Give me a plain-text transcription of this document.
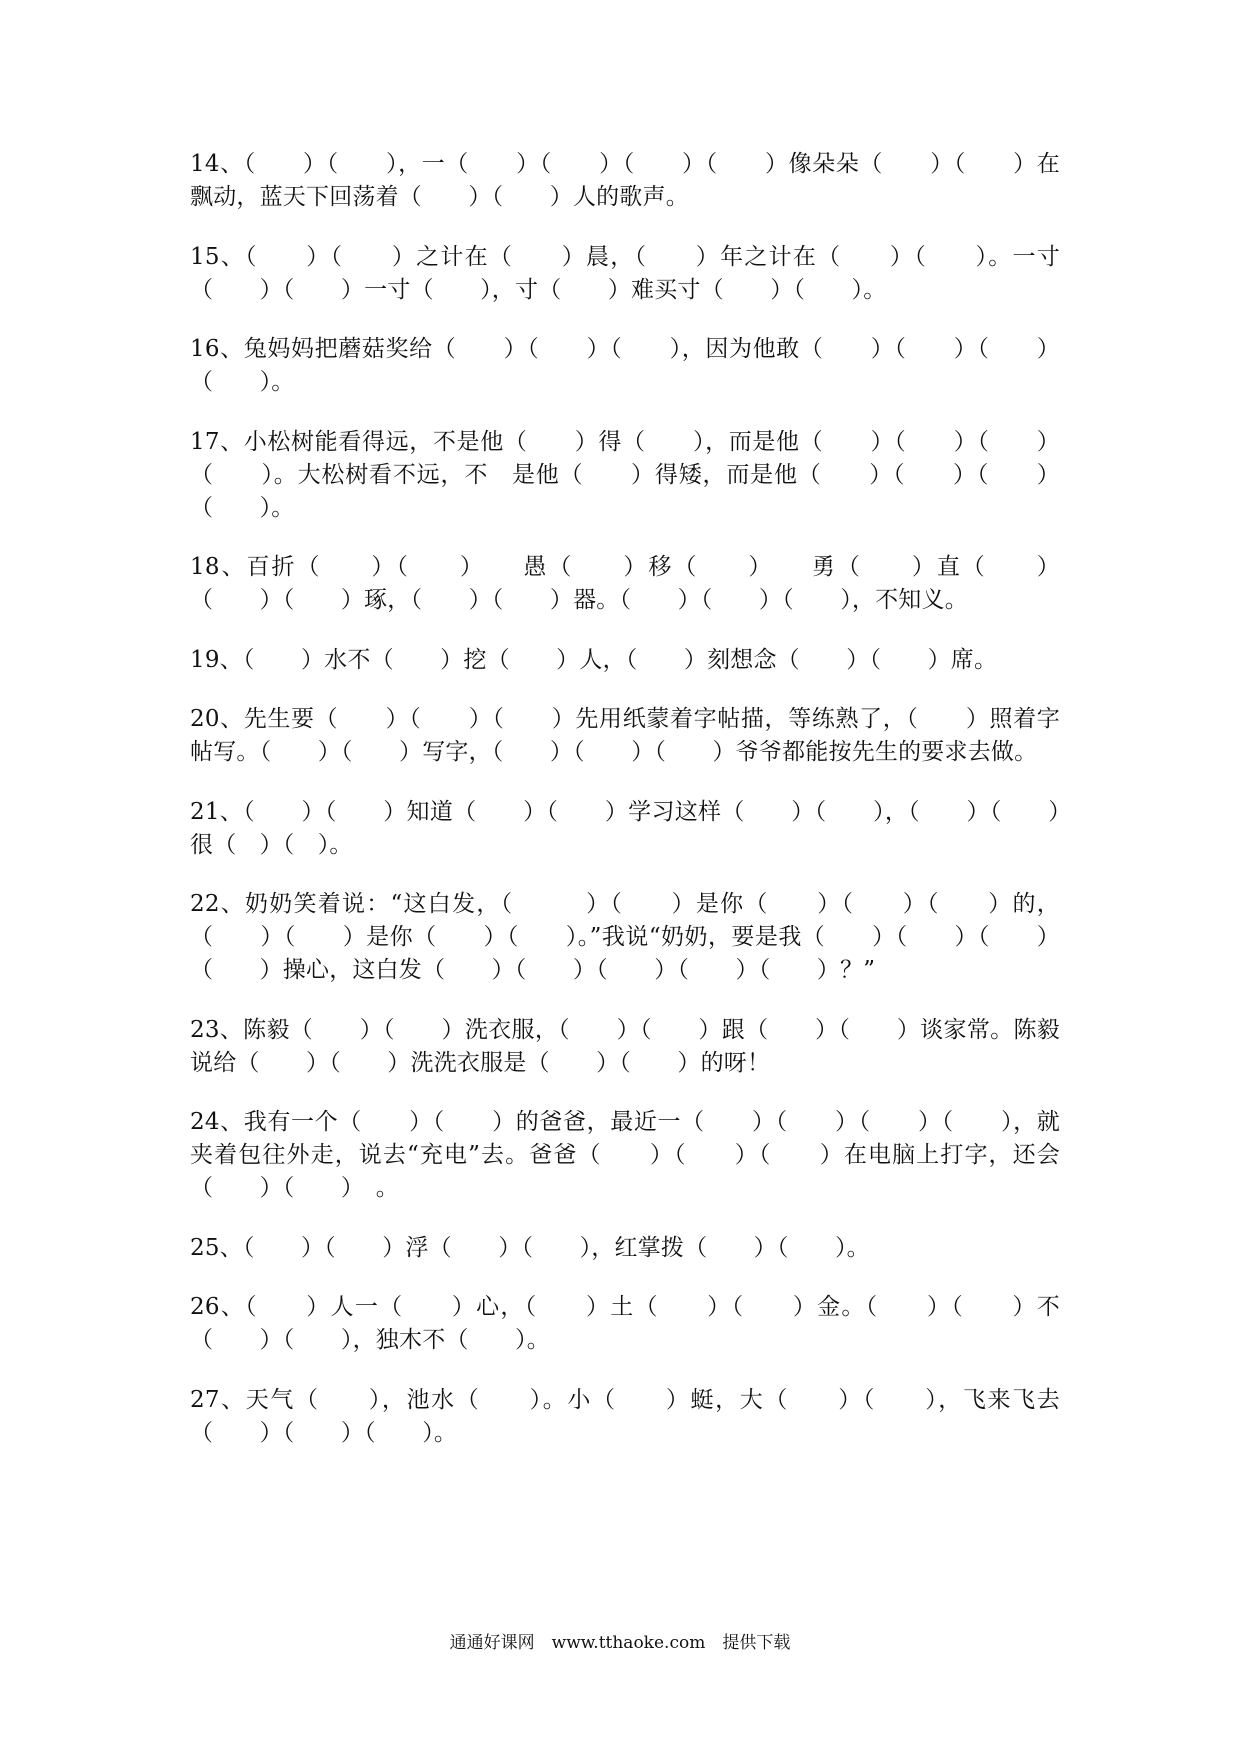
14、（　　）（　　），一（　　）（　　）（　　）（　　）像朵朵（　　）（　　）在飘动，蓝天下回荡着（　　）（　　）人的歌声。

15、（　　）（　　）之计在（　　）晨，（　　）年之计在（　　）（　　）。一寸（　　）（　　）一寸（　　），寸（　　）难买寸（　　）（　　）。

16、兔妈妈把蘑菇奖给（　　）（　　）（　　），因为他敢（　　）（　　）（　　）（　　）。

17、小松树能看得远，不是他（　　）得（　　），而是他（　　）（　　）（　　）（　　）。大松树看不远，不　是他（　　）得矮，而是他（　　）（　　）（　　）（　　）。

18、百折（　　）（　　）　　愚（　　）移（　　）　　勇（　　）直（　　）（　　）（　　）琢，（　　）（　　）器。（　　）（　　）（　　），不知义。

19、（　　）水不（　　）挖（　　）人，（　　）刻想念（　　）（　　）席。

20、先生要（　　）（　　）（　　）先用纸蒙着字帖描，等练熟了，（　　）照着字帖写。（　　）（　　）写字，（　　）（　　）（　　）爷爷都能按先生的要求去做。

21、（　　）（　　）知道（　　）（　　）学习这样（　　）（　　），（　　）（　　）很（　）（　）。

22、奶奶笑着说：“这白发，（　　　）（　　）是你（　　）（　　）（　　）的，（　　）（　　）是你（　　）（　　）。”我说“奶奶，要是我（　　）（　　）（　　）（　　）操心，这白发（　　）（　　）（　　）（　　）（　　）？”

23、陈毅（　　）（　　）洗衣服，（　　）（　　）跟（　　）（　　）谈家常。陈毅说给（　　）（　　）洗洗衣服是（　　）（　　）的呀！

24、我有一个（　　）（　　）的爸爸，最近一（　　）（　　）（　　）（　　），就夹着包往外走，说去“充电”去。爸爸（　　）（　　）（　　）在电脑上打字，还会（　　）（　　）　。

25、（　　）（　　）浮（　　）（　　），红掌拨（　　）（　　）。

26、（　　）人一（　　）心，（　　）土（　　）（　　）金。（　　）（　　）不（　　）（　　），独木不（　　）。

27、天气（　　），池水（　　）。小（　　）蜓，大（　　）（　　），飞来飞去（　　）（　　）（　　）。

通通好课网　www.tthaoke.com　提供下载
